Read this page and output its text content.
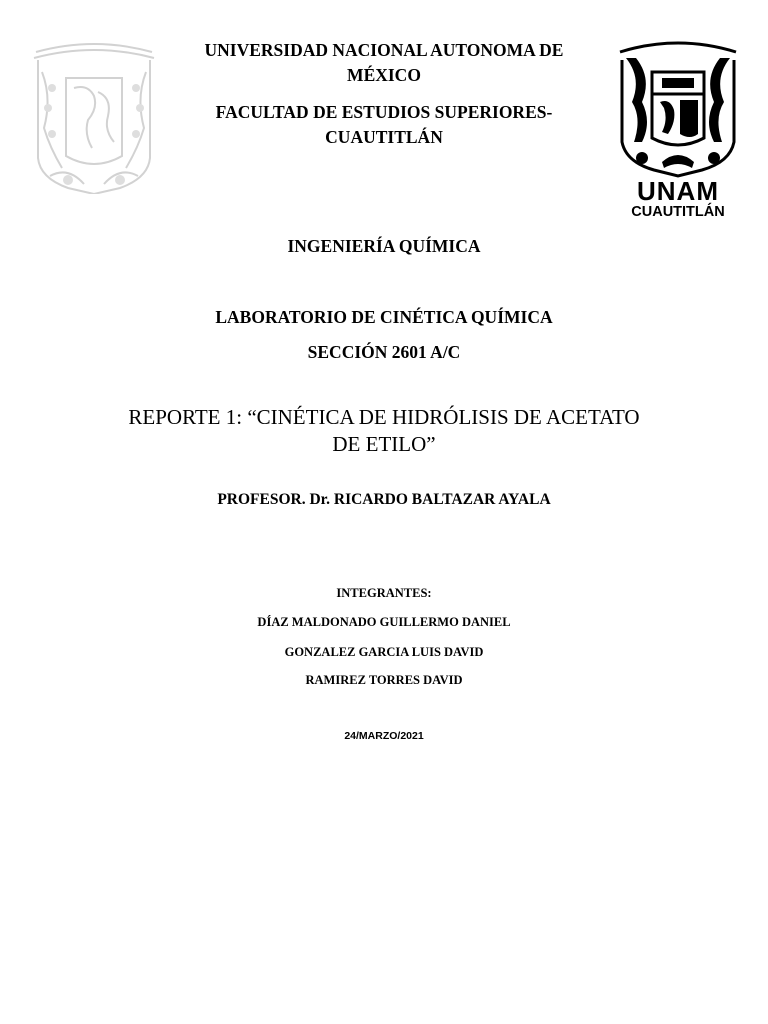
UNIVERSIDAD NACIONAL AUTONOMA DE
MÉXICO
FACULTAD DE ESTUDIOS SUPERIORES-
CUAUTITLÁN
UNAM
CUAUTITLÁN
INGENIERÍA QUÍMICA
LABORATORIO DE CINÉTICA QUÍMICA
SECCIÓN 2601 A/C
REPORTE 1: “CINÉTICA DE HIDRÓLISIS DE ACETATO
DE ETILO”
PROFESOR. Dr. RICARDO BALTAZAR AYALA
INTEGRANTES:
DÍAZ MALDONADO GUILLERMO DANIEL
GONZALEZ GARCIA LUIS DAVID
RAMIREZ TORRES DAVID
24/MARZO/2021
